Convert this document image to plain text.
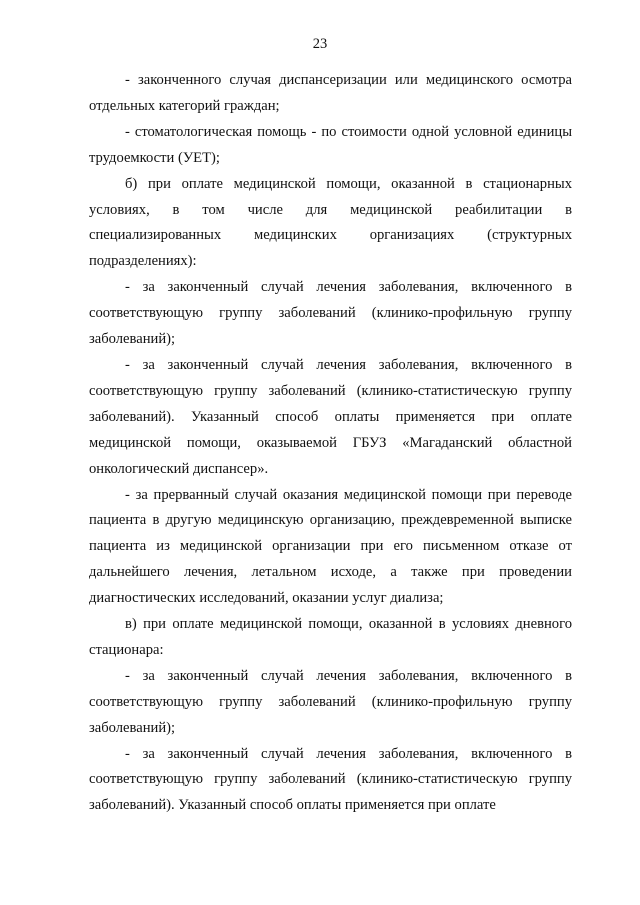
23

- законченного случая диспансеризации или медицинского осмотра отдельных категорий граждан;

- стоматологическая помощь - по стоимости одной условной единицы трудоемкости (УЕТ);

б) при оплате медицинской помощи, оказанной в стационарных условиях, в том числе для медицинской реабилитации в специализированных медицинских организациях (структурных подразделениях):

- за законченный случай лечения заболевания, включенного в соответствующую группу заболеваний (клинико-профильную группу заболеваний);

- за законченный случай лечения заболевания, включенного в соответствующую группу заболеваний (клинико-статистическую группу заболеваний). Указанный способ оплаты применяется при оплате медицинской помощи, оказываемой ГБУЗ «Магаданский областной онкологический диспансер».

- за прерванный случай оказания медицинской помощи при переводе пациента в другую медицинскую организацию, преждевременной выписке пациента из медицинской организации при его письменном отказе от дальнейшего лечения, летальном исходе, а также при проведении диагностических исследований, оказании услуг диализа;

в) при оплате медицинской помощи, оказанной в условиях дневного стационара:

- за законченный случай лечения заболевания, включенного в соответствующую группу заболеваний (клинико-профильную группу заболеваний);

- за законченный случай лечения заболевания, включенного в соответствующую группу заболеваний (клинико-статистическую группу заболеваний). Указанный способ оплаты применяется при оплате
